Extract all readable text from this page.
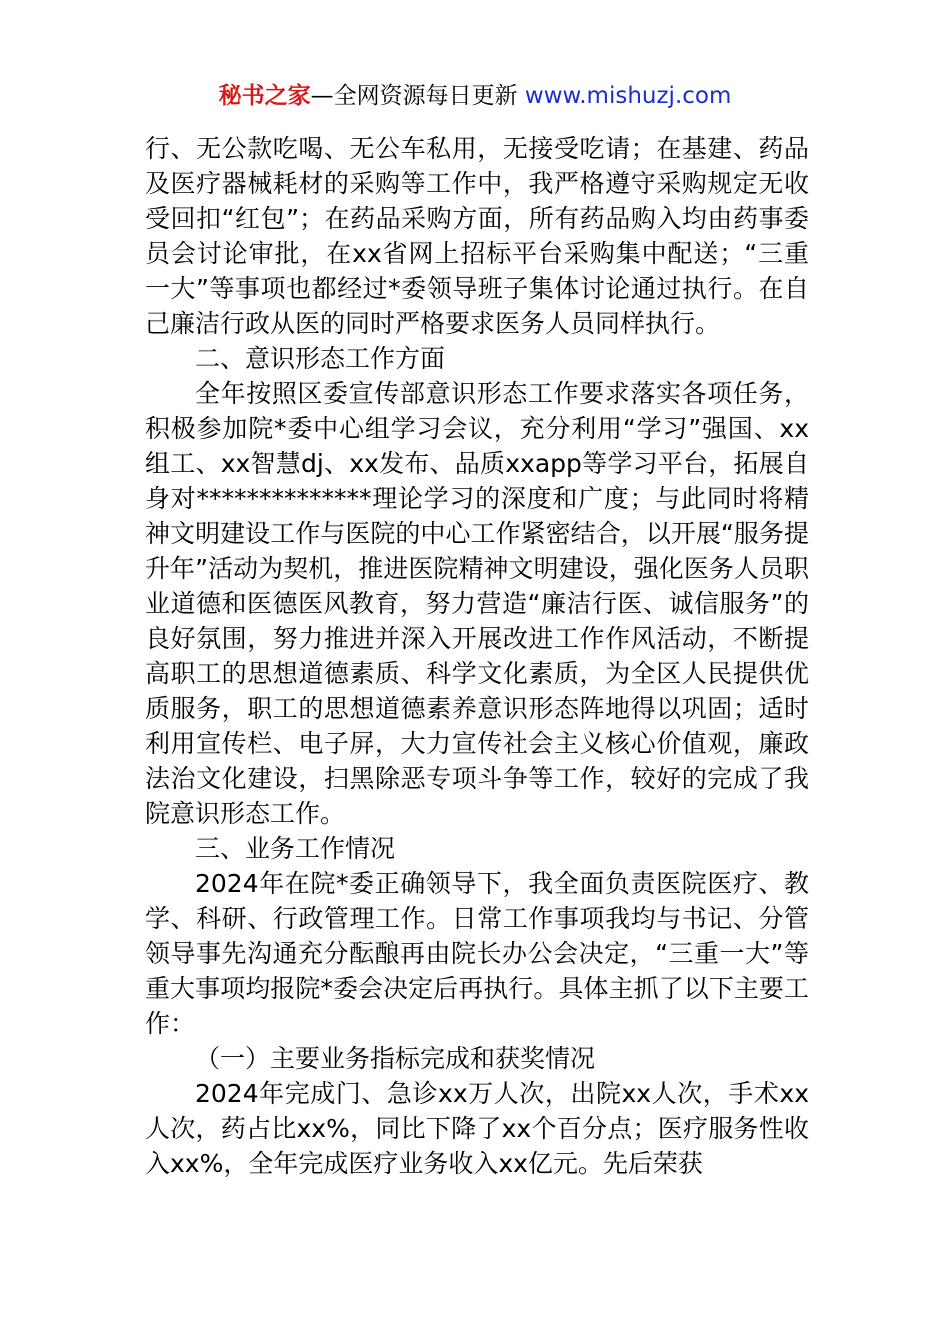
秘书之家—全网资源每日更新 www.mishuzj.com

行、无公款吃喝、无公车私用，无接受吃请；在基建、药品及医疗器械耗材的采购等工作中，我严格遵守采购规定无收受回扣“红包”；在药品采购方面，所有药品购入均由药事委员会讨论审批，在xx省网上招标平台采购集中配送；“三重一大”等事项也都经过*委领导班子集体讨论通过执行。在自己廉洁行政从医的同时严格要求医务人员同样执行。

二、意识形态工作方面

全年按照区委宣传部意识形态工作要求落实各项任务，积极参加院*委中心组学习会议，充分利用“学习”强国、xx组工、xx智慧dj、xx发布、品质xxapp等学习平台，拓展自身对**************理论学习的深度和广度；与此同时将精神文明建设工作与医院的中心工作紧密结合，以开展“服务提升年”活动为契机，推进医院精神文明建设，强化医务人员职业道德和医德医风教育，努力营造“廉洁行医、诚信服务”的良好氛围，努力推进并深入开展改进工作作风活动，不断提高职工的思想道德素质、科学文化素质，为全区人民提供优质服务，职工的思想道德素养意识形态阵地得以巩固；适时利用宣传栏、电子屏，大力宣传社会主义核心价值观，廉政法治文化建设，扫黑除恶专项斗争等工作，较好的完成了我院意识形态工作。

三、业务工作情况

2024年在院*委正确领导下，我全面负责医院医疗、教学、科研、行政管理工作。日常工作事项我均与书记、分管领导事先沟通充分酝酿再由院长办公会决定，“三重一大”等重大事项均报院*委会决定后再执行。具体主抓了以下主要工作：

（一）主要业务指标完成和获奖情况

2024年完成门、急诊xx万人次，出院xx人次，手术xx人次，药占比xx%，同比下降了xx个百分点；医疗服务性收入xx%，全年完成医疗业务收入xx亿元。先后荣获
